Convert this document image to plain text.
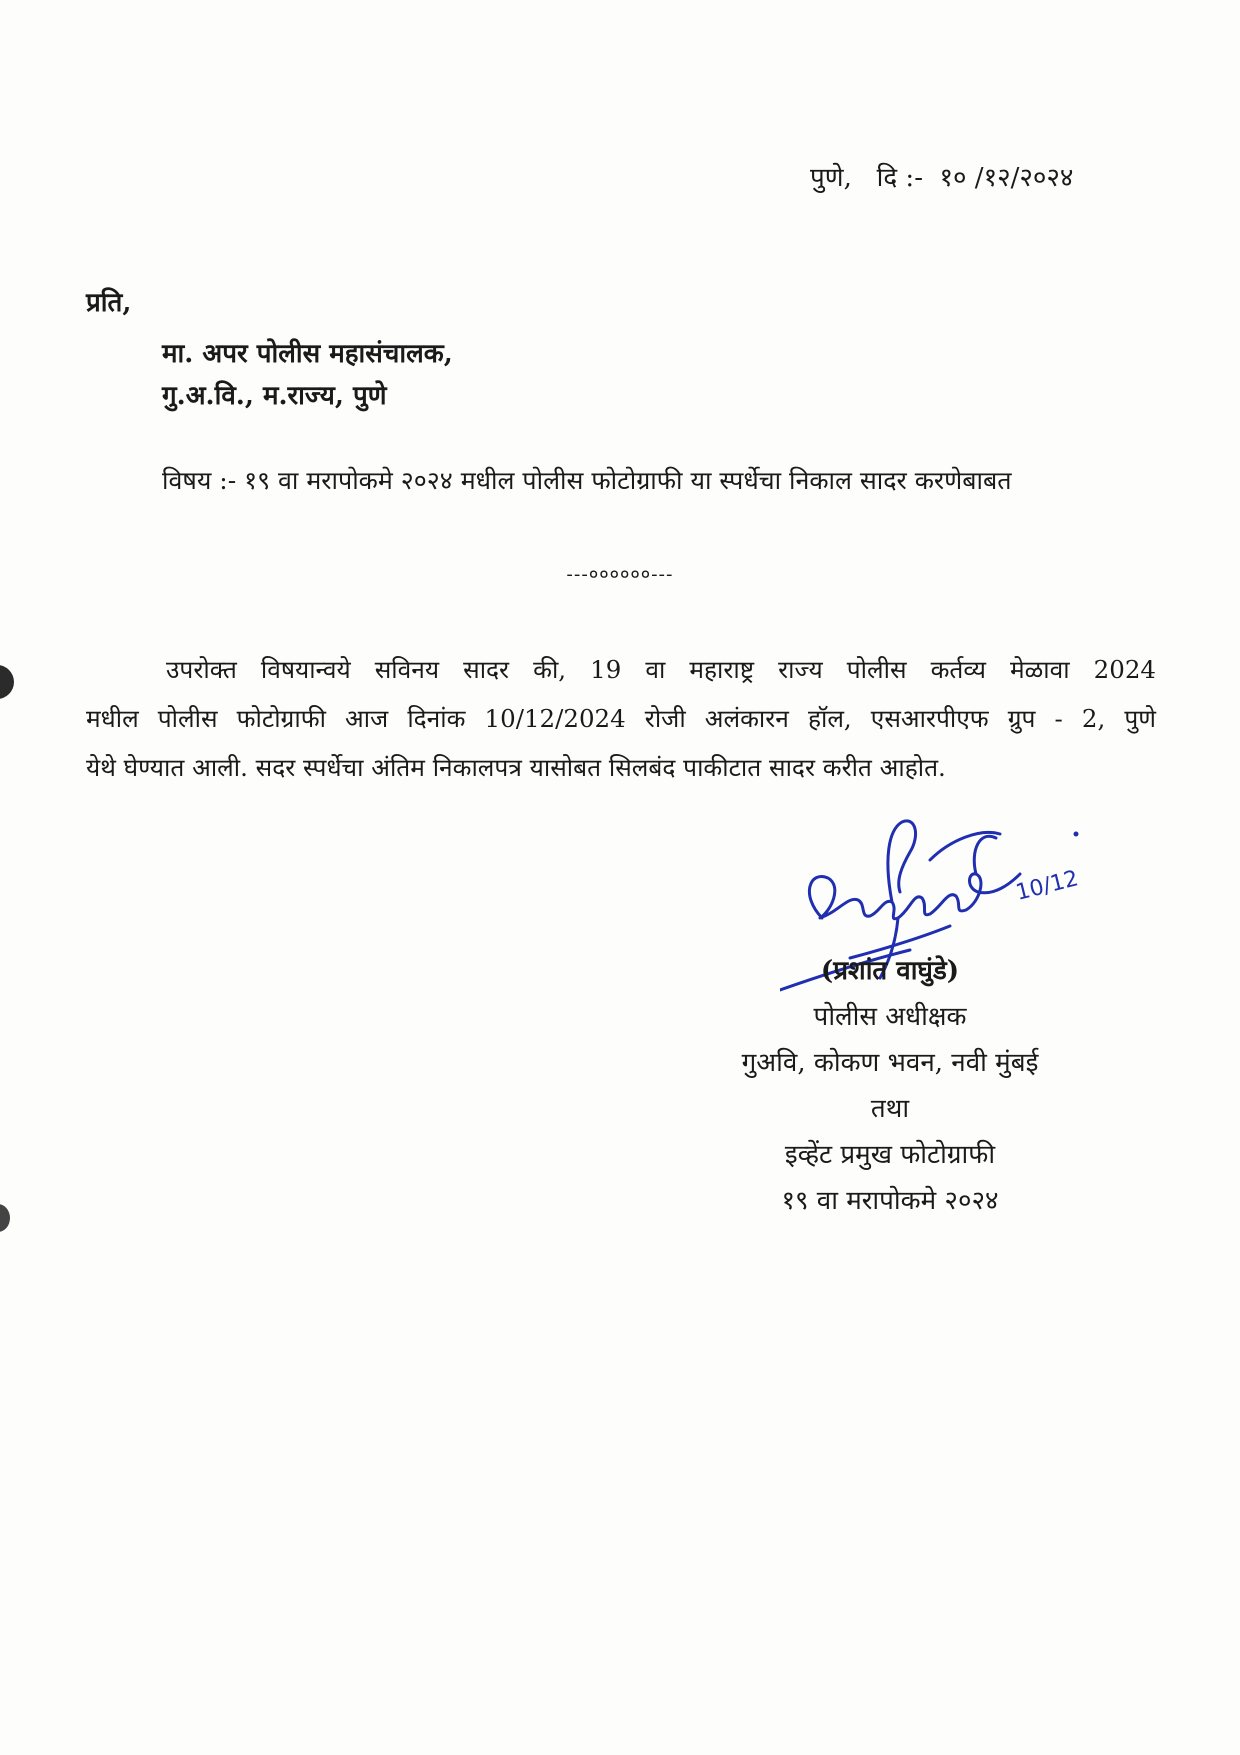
पुणे,   दि :-  १० /१२/२०२४
प्रति,
मा. अपर पोलीस महासंचालक,
गु.अ.वि., म.राज्य, पुणे
विषय :- १९ वा मरापोकमे २०२४ मधील पोलीस फोटोग्राफी या स्पर्धेचा निकाल सादर करणेबाबत
---००००००---
उपरोक्त विषयान्वये सविनय सादर की, 19 वा महाराष्ट्र राज्य पोलीस कर्तव्य मेळावा 2024
मधील पोलीस फोटोग्राफी आज दिनांक 10/12/2024 रोजी अलंकारन हॉल, एसआरपीएफ ग्रुप - 2, पुणे
येथे घेण्यात आली. सदर स्पर्धेचा अंतिम निकालपत्र यासोबत सिलबंद पाकीटात सादर करीत आहोत.
10/12
(प्रशांत वाघुंडे)
पोलीस अधीक्षक
गुअवि, कोकण भवन, नवी मुंबई
तथा
इव्हेंट प्रमुख फोटोग्राफी
१९ वा मरापोकमे २०२४
